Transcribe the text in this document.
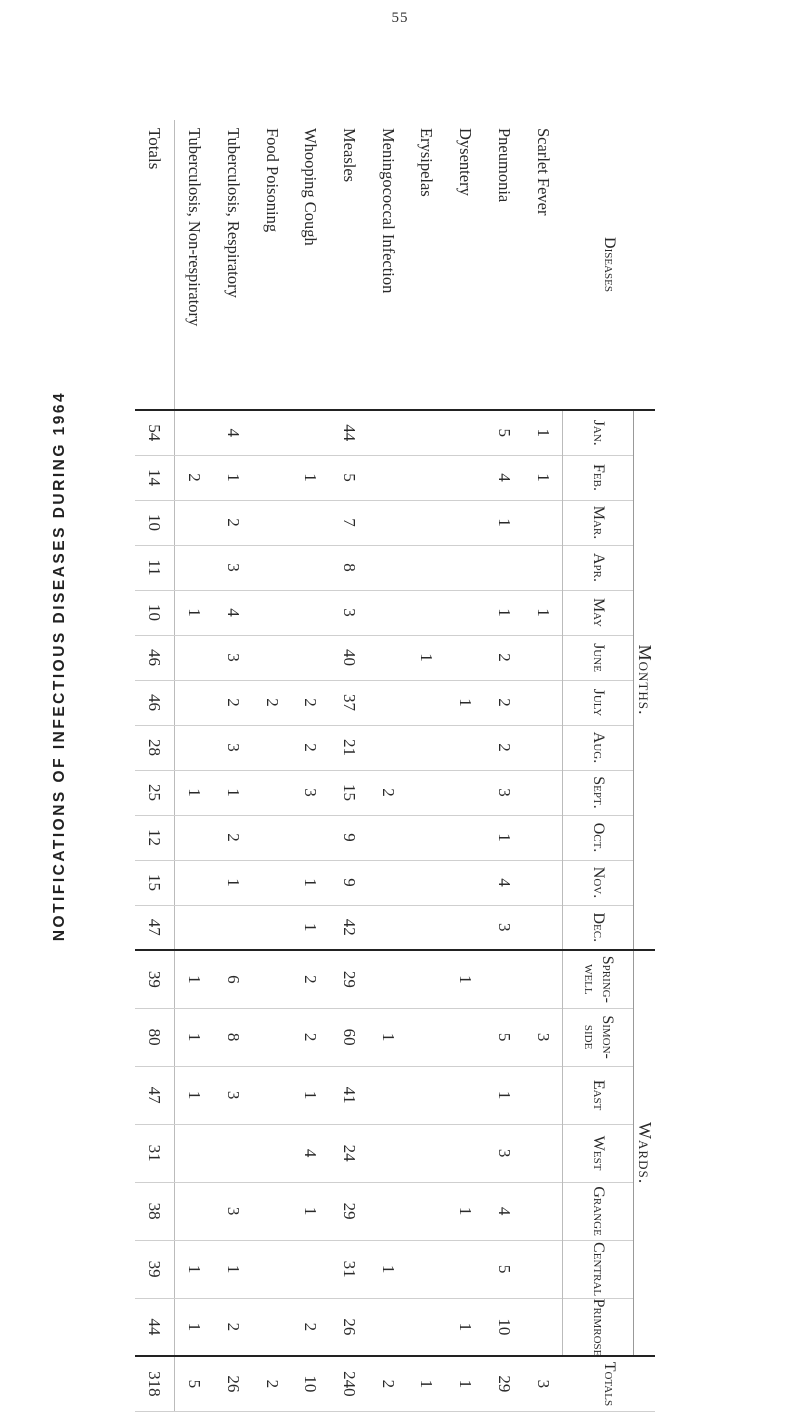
55
NOTIFICATIONS OF INFECTIOUS DISEASES DURING 1964
Diseases	Months.												Wards.							Totals
	Jan.	Feb.	Mar.	Apr.	May	June	July	Aug.	Sept.	Oct.	Nov.	Dec.	Spring-well	Simon-side	East	West	Grange	Central	Primrose	
Scarlet Fever	1	1			1									3						3
Pneumonia	5	4	1		1	2	2	2	3	1	4	3		5	1	3	4	5	10	29
Dysentery							1						1				1		1	1
Erysipelas						1														1
Meningococcal Infection									2					1				1		2
Measles	44	5	7	8	3	40	37	21	15	9	9	42	29	60	41	24	29	31	26	240
Whooping Cough		1					2	2	3		1	1	2	2	1	4	1		2	10
Food Poisoning							2													2
Tuberculosis, Respiratory	4	1	2	3	4	3	2	3	1	2	1		6	8	3		3	1	2	26
Tuberculosis, Non-respiratory		2			1				1				1	1	1			1	1	5
Totals	54	14	10	11	10	46	46	28	25	12	15	47	39	80	47	31	38	39	44	318
